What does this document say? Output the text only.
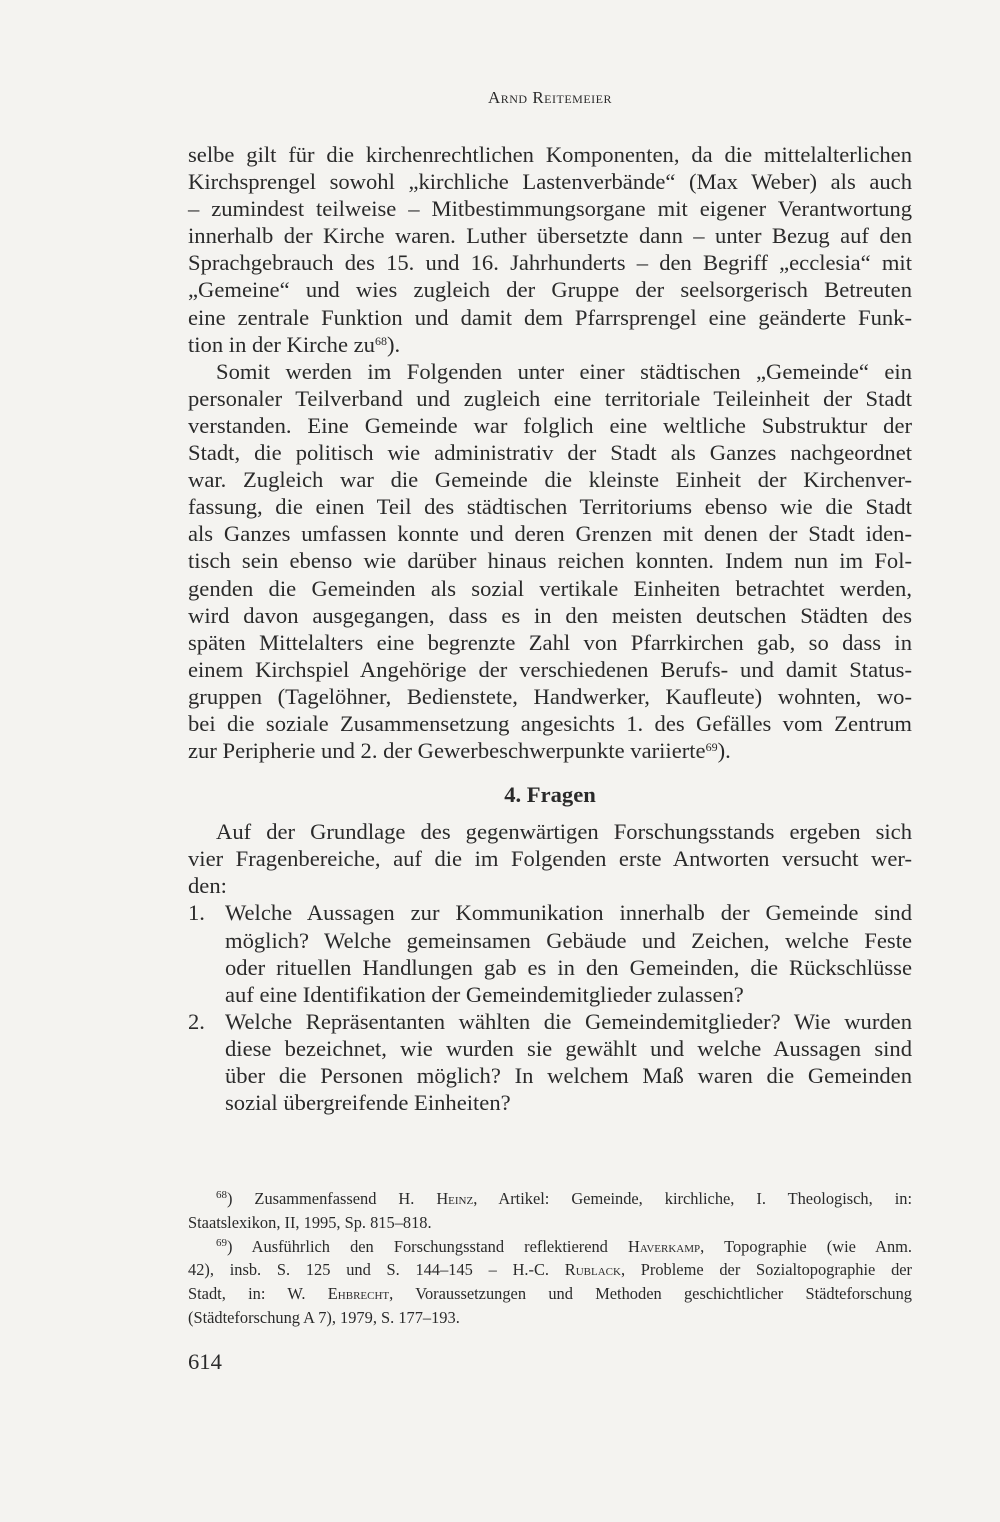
Arnd Reitemeier
selbe gilt für die kirchenrechtlichen Komponenten, da die mittelalterlichen
Kirchsprengel sowohl „kirchliche Lastenverbände“ (Max Weber) als auch
– zumindest teilweise – Mitbestimmungsorgane mit eigener Verantwortung
innerhalb der Kirche waren. Luther übersetzte dann – unter Bezug auf den
Sprachgebrauch des 15. und 16. Jahrhunderts – den Begriff „ecclesia“ mit
„Gemeine“ und wies zugleich der Gruppe der seelsorgerisch Betreuten
eine zentrale Funktion und damit dem Pfarrsprengel eine geänderte Funk-
tion in der Kirche zu$^{68}$).
Somit werden im Folgenden unter einer städtischen „Gemeinde“ ein
personaler Teilverband und zugleich eine territoriale Teileinheit der Stadt
verstanden. Eine Gemeinde war folglich eine weltliche Substruktur der
Stadt, die politisch wie administrativ der Stadt als Ganzes nachgeordnet
war. Zugleich war die Gemeinde die kleinste Einheit der Kirchenver-
fassung, die einen Teil des städtischen Territoriums ebenso wie die Stadt
als Ganzes umfassen konnte und deren Grenzen mit denen der Stadt iden-
tisch sein ebenso wie darüber hinaus reichen konnten. Indem nun im Fol-
genden die Gemeinden als sozial vertikale Einheiten betrachtet werden,
wird davon ausgegangen, dass es in den meisten deutschen Städten des
späten Mittelalters eine begrenzte Zahl von Pfarrkirchen gab, so dass in
einem Kirchspiel Angehörige der verschiedenen Berufs- und damit Status-
gruppen (Tagelöhner, Bedienstete, Handwerker, Kaufleute) wohnten, wo-
bei die soziale Zusammensetzung angesichts 1. des Gefälles vom Zentrum
zur Peripherie und 2. der Gewerbeschwerpunkte variierte$^{69}$).
4. Fragen
Auf der Grundlage des gegenwärtigen Forschungsstands ergeben sich
vier Fragenbereiche, auf die im Folgenden erste Antworten versucht wer-
den:
1. Welche Aussagen zur Kommunikation innerhalb der Gemeinde sind
möglich? Welche gemeinsamen Gebäude und Zeichen, welche Feste
oder rituellen Handlungen gab es in den Gemeinden, die Rückschlüsse
auf eine Identifikation der Gemeindemitglieder zulassen?
2. Welche Repräsentanten wählten die Gemeindemitglieder? Wie wurden
diese bezeichnet, wie wurden sie gewählt und welche Aussagen sind
über die Personen möglich? In welchem Maß waren die Gemeinden
sozial übergreifende Einheiten?
$^{68}$) Zusammenfassend H. Heinz, Artikel: Gemeinde, kirchliche, I. Theologisch, in:
Staatslexikon, II, 1995, Sp. 815–818.
$^{69}$) Ausführlich den Forschungsstand reflektierend Haverkamp, Topographie (wie Anm.
42), insb. S. 125 und S. 144–145 – H.-C. Rublack, Probleme der Sozialtopographie der
Stadt, in: W. Ehbrecht, Voraussetzungen und Methoden geschichtlicher Städteforschung
(Städteforschung A 7), 1979, S. 177–193.
614
